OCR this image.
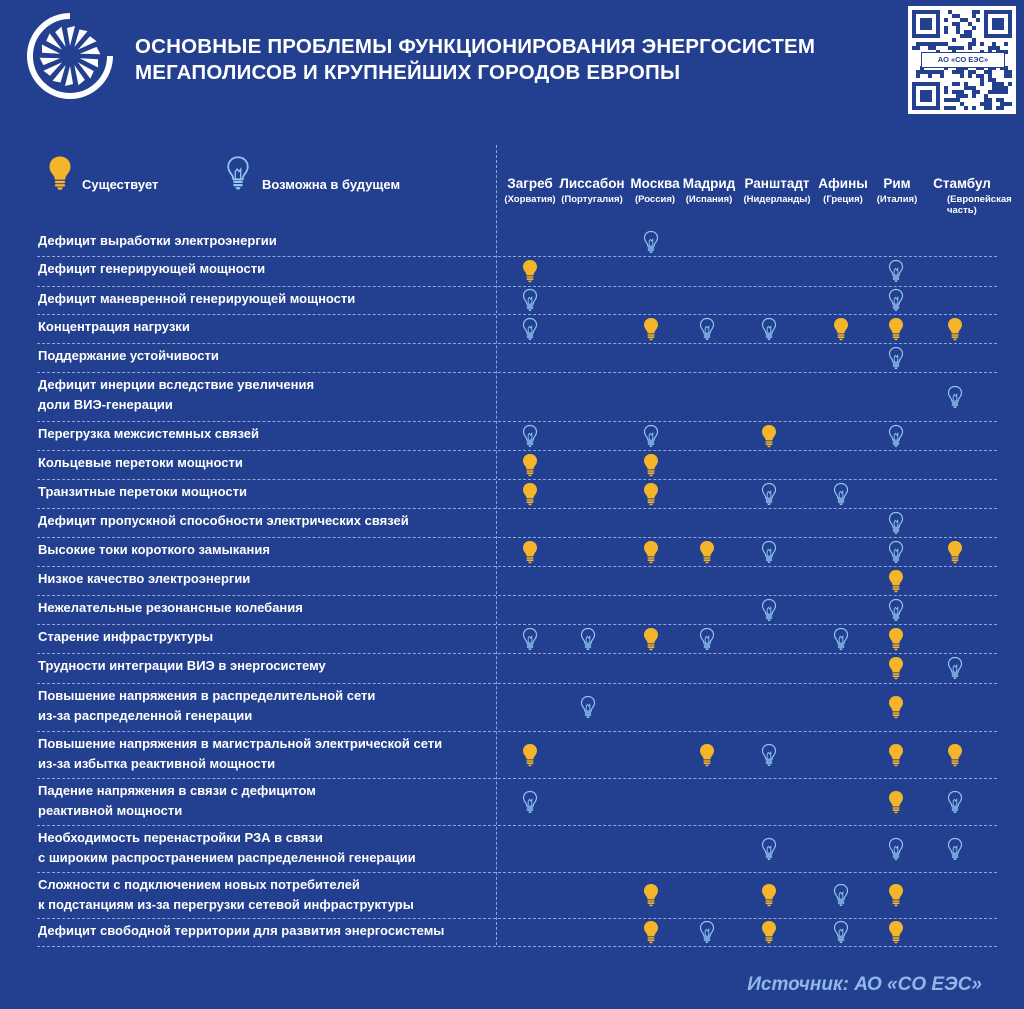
ОСНОВНЫЕ ПРОБЛЕМЫ ФУНКЦИОНИРОВАНИЯ ЭНЕРГОСИСТЕМ
МЕГАПОЛИСОВ И КРУПНЕЙШИХ ГОРОДОВ ЕВРОПЫ
АО «СО ЕЭС»
Существует	Возможна в будущем	Загреб
(Хорватия)
Лиссабон
(Португалия)
Москва
(Россия)
Мадрид
(Испания)
Ранштадт
(Нидерланды)
Афины
(Греция)
Рим
(Италия)
Стамбул
(Европейская часть)
Дефицит выработки электроэнергии
Дефицит генерирующей мощности
Дефицит маневренной генерирующей мощности
Концентрация нагрузки
Поддержание устойчивости
Дефицит инерции вследствие увеличения
доли ВИЭ-генерации
Перегрузка межсистемных связей
Кольцевые перетоки мощности
Транзитные перетоки мощности
Дефицит пропускной способности электрических связей
Высокие токи короткого замыкания
Низкое качество электроэнергии
Нежелательные резонансные колебания
Старение инфраструктуры
Трудности интеграции ВИЭ в энергосистему
Повышение напряжения в распределительной сети
из-за распределенной генерации
Повышение напряжения в магистральной электрической сети
из-за избытка реактивной мощности
Падение напряжения в связи с дефицитом
реактивной мощности
Необходимость перенастройки РЗА в связи
с широким распространением распределенной генерации
Сложности с подключением новых потребителей
к подстанциям из-за перегрузки сетевой инфраструктуры
Дефицит свободной территории для развития энергосистемы
Источник: АО «СО ЕЭС»
